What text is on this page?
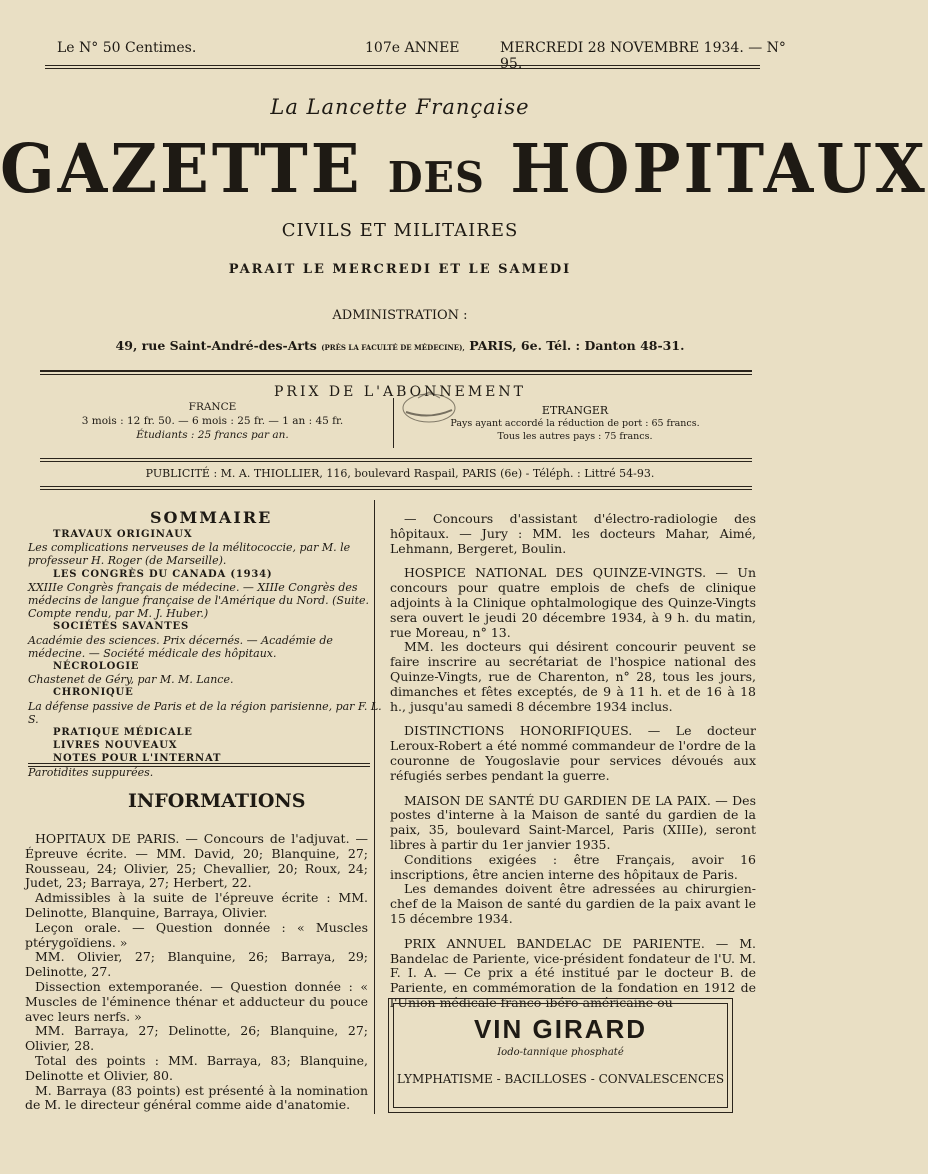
Le N° 50 Centimes.	107e ANNEE	MERCREDI 28 NOVEMBRE 1934. — N° 95.
La Lancette Française
GAZETTE DES HOPITAUX
CIVILS ET MILITAIRES
PARAIT LE MERCREDI ET LE SAMEDI
ADMINISTRATION :
49, rue Saint-André-des-Arts (PRÈS LA FACULTÉ DE MÉDECINE), PARIS, 6e. Tél. : Danton 48-31.
PRIX DE L'ABONNEMENT
FRANCE
3 mois : 12 fr. 50. — 6 mois : 25 fr. — 1 an : 45 fr.
Étudiants : 25 francs par an.
ETRANGER
Pays ayant accordé la réduction de port : 65 francs.
Tous les autres pays : 75 francs.
PUBLICITÉ : M. A. THIOLLIER, 116, boulevard Raspail, PARIS (6e) - Téléph. : Littré 54-93.
SOMMAIRE
TRAVAUX ORIGINAUX
Les complications nerveuses de la mélitococcie, par M. le professeur H. Roger (de Marseille).
LES CONGRÈS DU CANADA (1934)
XXIIIe Congrès français de médecine. — XIIIe Congrès des médecins de langue française de l'Amérique du Nord. (Suite. Compte rendu, par M. J. Huber.)
SOCIÉTÉS SAVANTES
Académie des sciences. Prix décernés. — Académie de médecine. — Société médicale des hôpitaux.
NÉCROLOGIE
Chastenet de Géry, par M. M. Lance.
CHRONIQUE
La défense passive de Paris et de la région parisienne, par F. L. S.
PRATIQUE MÉDICALE
LIVRES NOUVEAUX
NOTES POUR L'INTERNAT
Parotidites suppurées.
INFORMATIONS

HOPITAUX DE PARIS. — Concours de l'adjuvat. — Épreuve écrite. — MM. David, 20; Blanquine, 27; Rousseau, 24; Olivier, 25; Chevallier, 20; Roux, 24; Judet, 23; Barraya, 27; Herbert, 22.

Admissibles à la suite de l'épreuve écrite : MM. Delinotte, Blanquine, Barraya, Olivier.

Leçon orale. — Question donnée : « Muscles ptérygoïdiens. »

MM. Olivier, 27; Blanquine, 26; Barraya, 29; Delinotte, 27.

Dissection extemporanée. — Question donnée : « Muscles de l'éminence thénar et adducteur du pouce avec leurs nerfs. »

MM. Barraya, 27; Delinotte, 26; Blanquine, 27; Olivier, 28.

Total des points : MM. Barraya, 83; Blanquine, Delinotte et Olivier, 80.

M. Barraya (83 points) est présenté à la nomination de M. le directeur général comme aide d'anatomie.

— Concours d'assistant d'électro-radiologie des hôpitaux. — Jury : MM. les docteurs Mahar, Aimé, Lehmann, Bergeret, Boulin.

HOSPICE NATIONAL DES QUINZE-VINGTS. — Un concours pour quatre emplois de chefs de clinique adjoints à la Clinique ophtalmologique des Quinze-Vingts sera ouvert le jeudi 20 décembre 1934, à 9 h. du matin, rue Moreau, n° 13.

MM. les docteurs qui désirent concourir peuvent se faire inscrire au secrétariat de l'hospice national des Quinze-Vingts, rue de Charenton, n° 28, tous les jours, dimanches et fêtes exceptés, de 9 à 11 h. et de 16 à 18 h., jusqu'au samedi 8 décembre 1934 inclus.

DISTINCTIONS HONORIFIQUES. — Le docteur Leroux-Robert a été nommé commandeur de l'ordre de la couronne de Yougoslavie pour services dévoués aux réfugiés serbes pendant la guerre.

MAISON DE SANTÉ DU GARDIEN DE LA PAIX. — Des postes d'interne à la Maison de santé du gardien de la paix, 35, boulevard Saint-Marcel, Paris (XIIIe), seront libres à partir du 1er janvier 1935.

Conditions exigées : être Français, avoir 16 inscriptions, être ancien interne des hôpitaux de Paris.

Les demandes doivent être adressées au chirurgien-chef de la Maison de santé du gardien de la paix avant le 15 décembre 1934.

PRIX ANNUEL BANDELAC DE PARIENTE. — M. Bandelac de Pariente, vice-président fondateur de l'U. M. F. I. A. — Ce prix a été institué par le docteur B. de Pariente, en commémoration de la fondation en 1912 de l'Union médicale franco-ibéro-américaine ou

VIN GIRARD
Iodo-tannique phosphaté
LYMPHATISME - BACILLOSES - CONVALESCENCES
